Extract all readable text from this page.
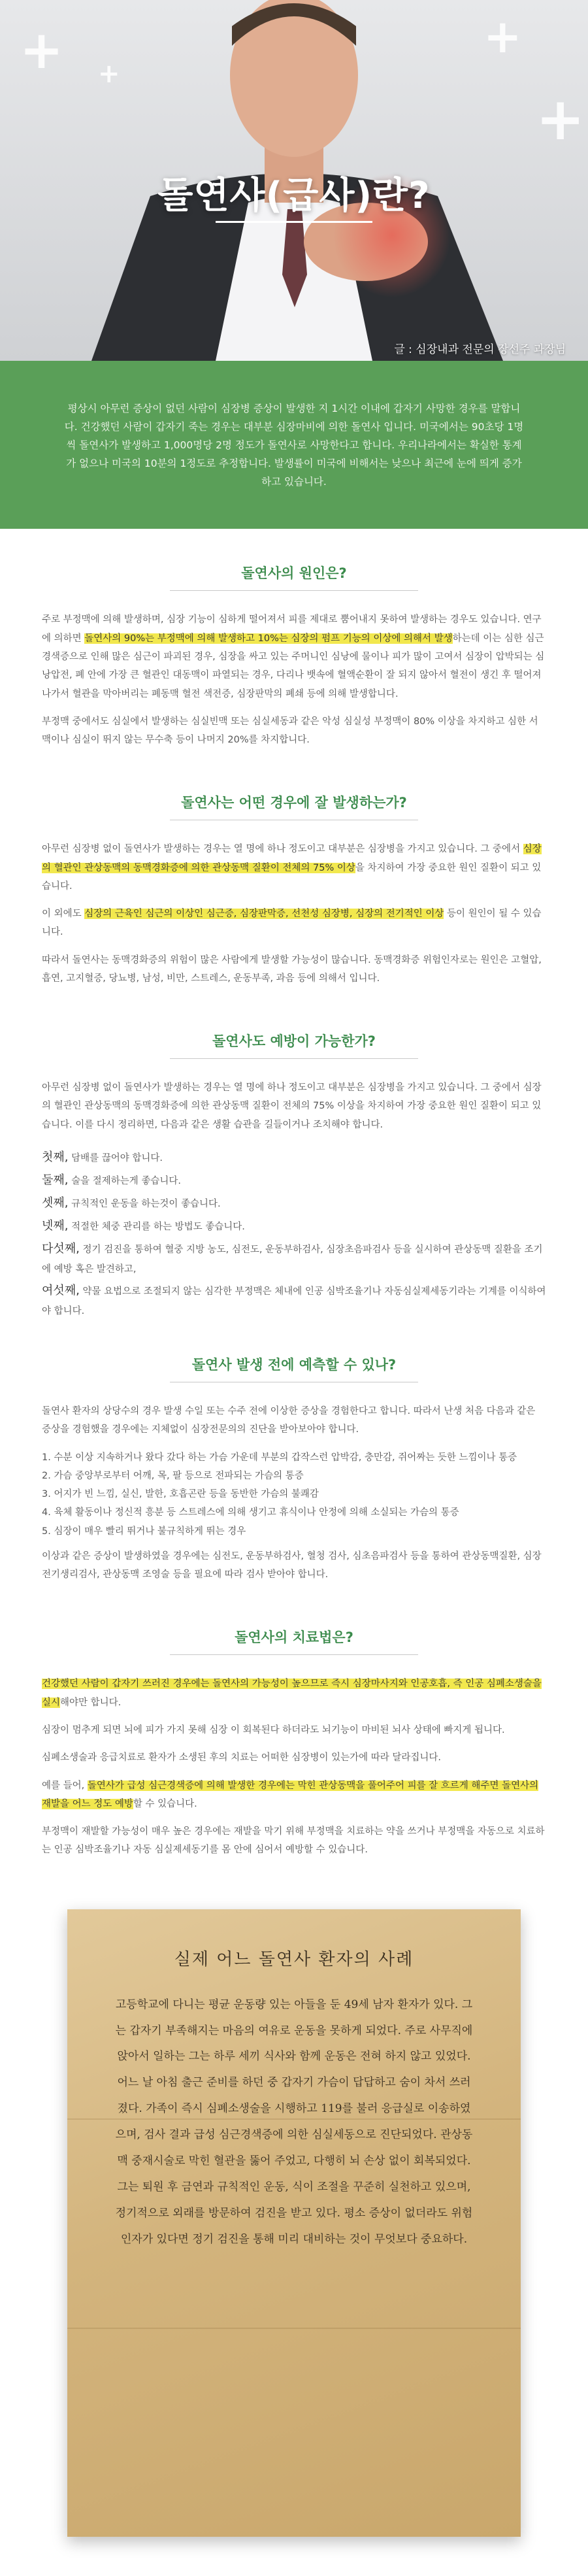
+ +
+
+
돌연사(급사)란?
글 : 심장내과 전문의 장선주 과장님

평상시 아무런 증상이 없던 사람이 심장병 증상이 발생한 지 1시간 이내에 갑자기 사망한 경우를 말합니다. 건강했던 사람이 갑자기 죽는 경우는 대부분 심장마비에 의한 돌연사 입니다. 미국에서는 90초당 1명씩 돌연사가 발생하고 1,000명당 2명 정도가 돌연사로 사망한다고 합니다. 우리나라에서는 확실한 통계가 없으나 미국의 10분의 1정도로 추정합니다. 발생률이 미국에 비해서는 낮으나 최근에 눈에 띄게 증가하고 있습니다.

돌연사의 원인은?

주로 부정맥에 의해 발생하며, 심장 기능이 심하게 떨어져서 피를 제대로 뿜어내지 못하여 발생하는 경우도 있습니다. 연구에 의하면 돌연사의 90%는 부정맥에 의해 발생하고 10%는 심장의 펌프 기능의 이상에 의해서 발생하는데 이는 심한 심근경색증으로 인해 많은 심근이 파괴된 경우, 심장을 싸고 있는 주머니인 심낭에 물이나 피가 많이 고여서 심장이 압박되는 심낭압전, 폐 안에 가장 큰 혈관인 대동맥이 파열되는 경우, 다리나 뱃속에 혈액순환이 잘 되지 않아서 혈전이 생긴 후 떨어져 나가서 혈관을 막아버리는 폐동맥 혈전 색전증, 심장판막의 폐쇄 등에 의해 발생합니다.

부정맥 중에서도 심실에서 발생하는 심실빈맥 또는 심실세동과 같은 악성 심실성 부정맥이 80% 이상을 차지하고 심한 서맥이나 심실이 뛰지 않는 무수축 등이 나머지 20%를 차지합니다.

돌연사는 어떤 경우에 잘 발생하는가?

아무런 심장병 없이 돌연사가 발생하는 경우는 열 명에 하나 정도이고 대부분은 심장병을 가지고 있습니다. 그 중에서 심장의 혈관인 관상동맥의 동맥경화증에 의한 관상동맥 질환이 전체의 75% 이상을 차지하여 가장 중요한 원인 질환이 되고 있습니다.

이 외에도 심장의 근육인 심근의 이상인 심근증, 심장판막증, 선천성 심장병, 심장의 전기적인 이상 등이 원인이 될 수 있습니다.

따라서 돌연사는 동맥경화증의 위험이 많은 사람에게 발생할 가능성이 많습니다. 동맥경화증 위험인자로는 원인은 고혈압, 흡연, 고지혈증, 당뇨병, 남성, 비만, 스트레스, 운동부족, 과음 등에 의해서 입니다.

돌연사도 예방이 가능한가?

아무런 심장병 없이 돌연사가 발생하는 경우는 열 명에 하나 정도이고 대부분은 심장병을 가지고 있습니다. 그 중에서 심장의 혈관인 관상동맥의 동맥경화증에 의한 관상동맥 질환이 전체의 75% 이상을 차지하여 가장 중요한 원인 질환이 되고 있습니다. 이를 다시 정리하면, 다음과 같은 생활 습관을 길들이거나 조치해야 합니다.

첫째, 담배를 끊어야 합니다.
둘째, 술을 절제하는게 좋습니다.
셋째, 규칙적인 운동을 하는것이 좋습니다.
넷째, 적절한 체중 관리를 하는 방법도 좋습니다.
다섯째, 정기 검진을 통하여 혈중 지방 농도, 심전도, 운동부하검사, 심장초음파검사 등을 실시하여 관상동맥 질환을 조기에 예방 혹은 발견하고,
여섯째, 약물 요법으로 조절되지 않는 심각한 부정맥은 체내에 인공 심박조율기나 자동심실제세동기라는 기계를 이식하여야 합니다.
돌연사 발생 전에 예측할 수 있나?

돌연사 환자의 상당수의 경우 발생 수일 또는 수주 전에 이상한 증상을 경험한다고 합니다. 따라서 난생 처음 다음과 같은 증상을 경험했을 경우에는 지체없이 심장전문의의 진단을 받아보아야 합니다.

1. 수분 이상 지속하거나 왔다 갔다 하는 가슴 가운데 부분의 갑작스런 압박감, 충만감, 쥐어짜는 듯한 느낌이나 통증
2. 가슴 중앙부로부터 어깨, 목, 팔 등으로 전파되는 가슴의 통증
3. 어지가 빈 느낌, 실신, 발한, 호흡곤란 등을 동반한 가슴의 불쾌감
4. 육체 활동이나 정신적 흥분 등 스트레스에 의해 생기고 휴식이나 안정에 의해 소실되는 가슴의 통증
5. 심장이 매우 빨리 뛰거나 불규칙하게 뛰는 경우

이상과 같은 증상이 발생하였을 경우에는 심전도, 운동부하검사, 혈청 검사, 심초음파검사 등을 통하여 관상동맥질환, 심장전기생리검사, 관상동맥 조영술 등을 필요에 따라 검사 받아야 합니다.

돌연사의 치료법은?

건강했던 사람이 갑자기 쓰러진 경우에는 돌연사의 가능성이 높으므로 즉시 심장마사지와 인공호흡, 즉 인공 심폐소생술을 실시해야만 합니다.

심장이 멈추게 되면 뇌에 피가 가지 못해 심장 이 회복된다 하더라도 뇌기능이 마비된 뇌사 상태에 빠지게 됩니다.

심폐소생술과 응급치료로 환자가 소생된 후의 치료는 어떠한 심장병이 있는가에 따라 달라집니다.

예를 들어, 돌연사가 급성 심근경색증에 의해 발생한 경우에는 막힌 관상동맥을 풀어주어 피를 잘 흐르게 해주면 돌연사의 재발을 어느 정도 예방할 수 있습니다.

부정맥이 재발할 가능성이 매우 높은 경우에는 재발을 막기 위해 부정맥을 치료하는 약을 쓰거나 부정맥을 자동으로 치료하는 인공 심박조율기나 자동 심실제세동기를 몸 안에 심어서 예방할 수 있습니다.

실제 어느 돌연사 환자의 사례

고등학교에 다니는 평균 운동량 있는 아들을 둔 49세 남자 환자가 있다. 그는 갑자기 부족해지는 마음의 여유로 운동을 못하게 되었다. 주로 사무직에 앉아서 일하는 그는 하루 세끼 식사와 함께 운동은 전혀 하지 않고 있었다. 어느 날 아침 출근 준비를 하던 중 갑자기 가슴이 답답하고 숨이 차서 쓰러졌다. 가족이 즉시 심폐소생술을 시행하고 119를 불러 응급실로 이송하였으며, 검사 결과 급성 심근경색증에 의한 심실세동으로 진단되었다. 관상동맥 중재시술로 막힌 혈관을 뚫어 주었고, 다행히 뇌 손상 없이 회복되었다. 그는 퇴원 후 금연과 규칙적인 운동, 식이 조절을 꾸준히 실천하고 있으며, 정기적으로 외래를 방문하여 검진을 받고 있다. 평소 증상이 없더라도 위험인자가 있다면 정기 검진을 통해 미리 대비하는 것이 무엇보다 중요하다.
